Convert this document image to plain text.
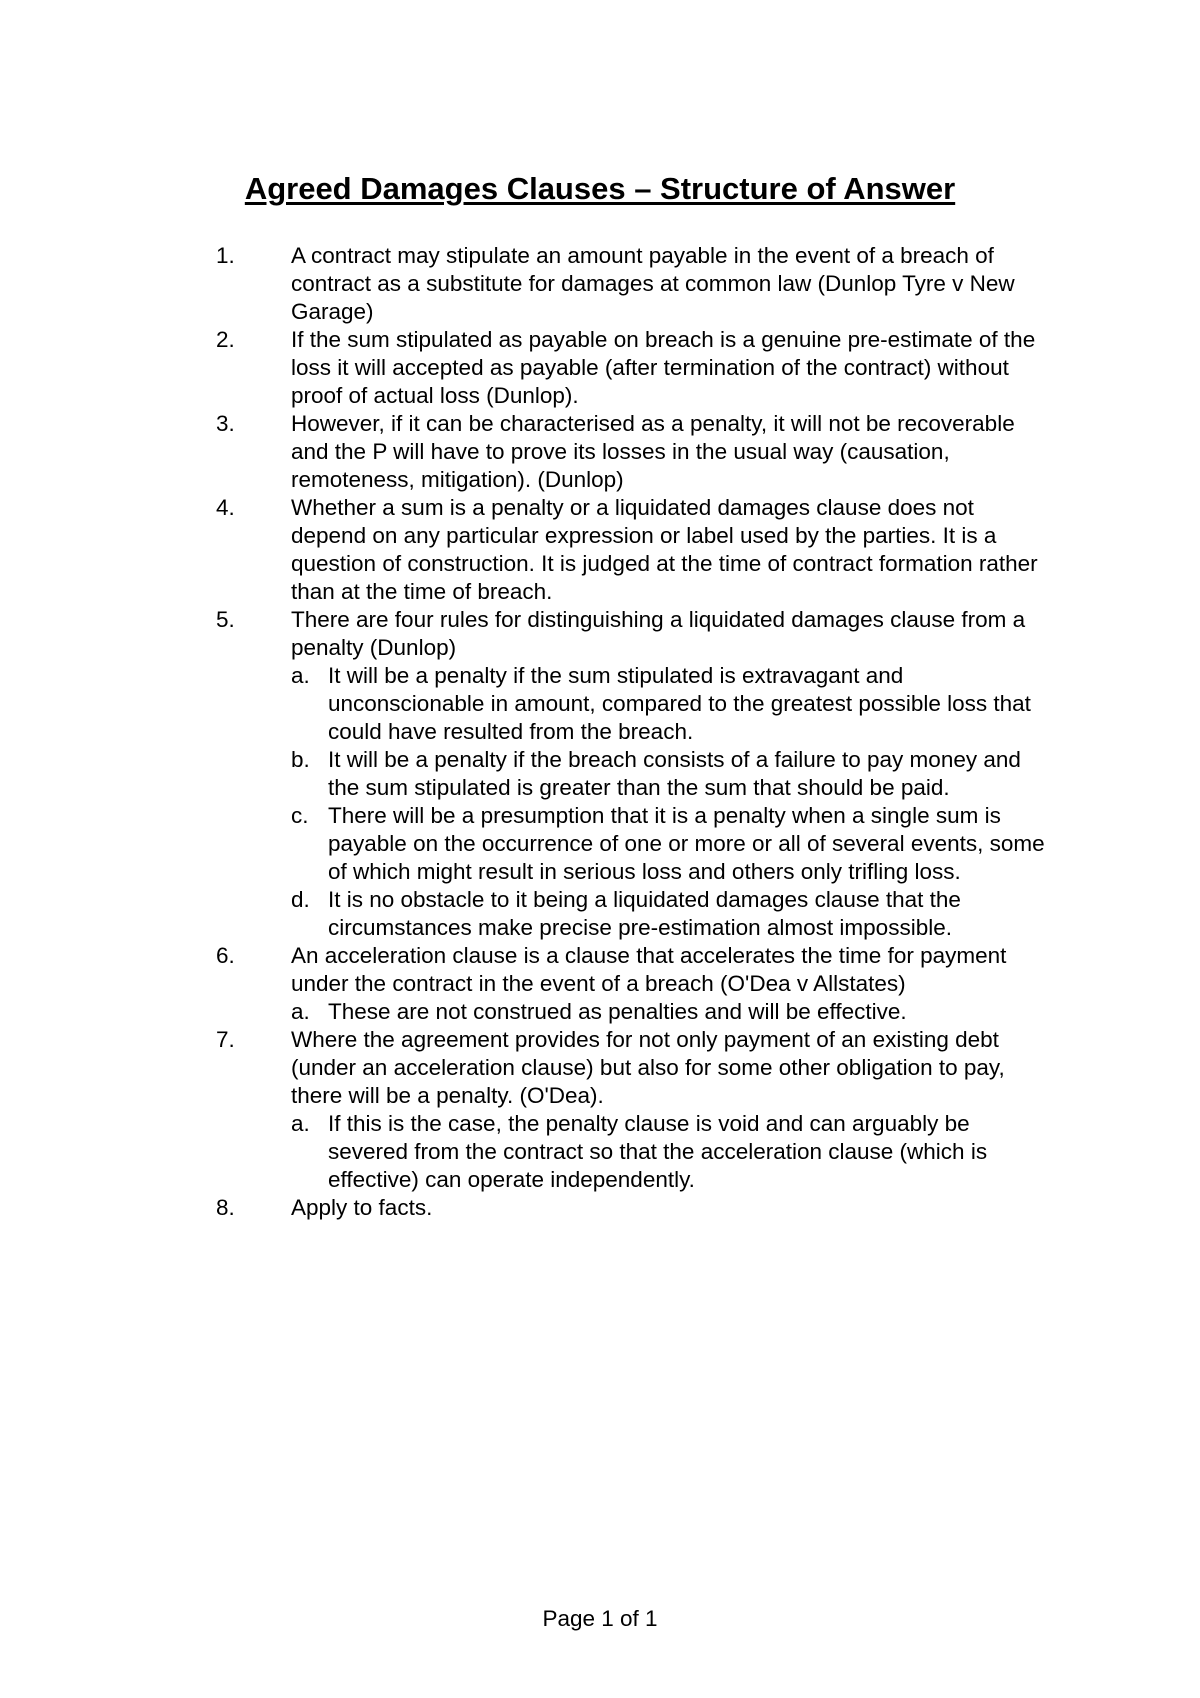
Agreed Damages Clauses – Structure of Answer
1.	A contract may stipulate an amount payable in the event of a breach of contract as a substitute for damages at common law (Dunlop Tyre v New Garage)
2.	If the sum stipulated as payable on breach is a genuine pre-estimate of the loss it will accepted as payable (after termination of the contract) without proof of actual loss (Dunlop).
3.	However, if it can be characterised as a penalty, it will not be recoverable and the P will have to prove its losses in the usual way (causation, remoteness, mitigation). (Dunlop)
4.	Whether a sum is a penalty or a liquidated damages clause does not depend on any particular expression or label used by the parties. It is a question of construction. It is judged at the time of contract formation rather than at the time of breach.
5.	There are four rules for distinguishing a liquidated damages clause from a penalty (Dunlop)
a. It will be a penalty if the sum stipulated is extravagant and unconscionable in amount, compared to the greatest possible loss that could have resulted from the breach.
b. It will be a penalty if the breach consists of a failure to pay money and the sum stipulated is greater than the sum that should be paid.
c. There will be a presumption that it is a penalty when a single sum is payable on the occurrence of one or more or all of several events, some of which might result in serious loss and others only trifling loss.
d. It is no obstacle to it being a liquidated damages clause that the circumstances make precise pre-estimation almost impossible.
6.	An acceleration clause is a clause that accelerates the time for payment under the contract in the event of a breach (O'Dea v Allstates)
a. These are not construed as penalties and will be effective.
7.	Where the agreement provides for not only payment of an existing debt (under an acceleration clause) but also for some other obligation to pay, there will be a penalty. (O'Dea).
a. If this is the case, the penalty clause is void and can arguably be severed from the contract so that the acceleration clause (which is effective) can operate independently.
8.	Apply to facts.
Page 1 of 1
